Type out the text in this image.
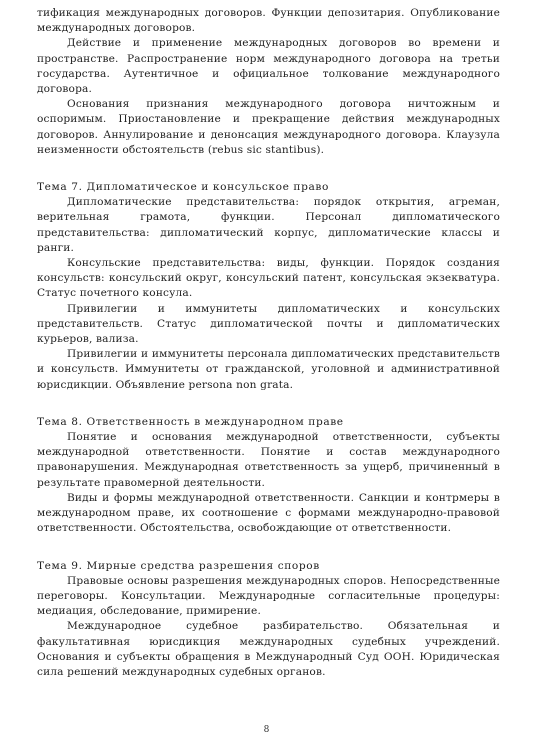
тификация международных договоров. Функции депозитария. Опубликование международных договоров.

Действие и применение международных договоров во времени и пространстве. Распространение норм международного договора на третьи государства. Аутентичное и официальное толкование международного договора.

Основания признания международного договора ничтожным и оспоримым. Приостановление и прекращение действия международных договоров. Аннулирование и денонсация международного договора. Клаузула неизменности обстоятельств (rebus sic stantibus).

Тема 7. Дипломатическое и консульское право

Дипломатические представительства: порядок открытия, агреман, верительная грамота, функции. Персонал дипломатического представительства: дипломатический корпус, дипломатические классы и ранги.

Консульские представительства: виды, функции. Порядок создания консульств: консульский округ, консульский патент, консульская экзекватура. Статус почетного консула.

Привилегии и иммунитеты дипломатических и консульских представительств. Статус дипломатической почты и дипломатических курьеров, вализа.

Привилегии и иммунитеты персонала дипломатических представительств и консульств. Иммунитеты от гражданской, уголовной и административной юрисдикции. Объявление persona non grata.

Тема 8. Ответственность в международном праве

Понятие и основания международной ответственности, субъекты международной ответственности. Понятие и состав международного правонарушения. Международная ответственность за ущерб, причиненный в результате правомерной деятельности.

Виды и формы международной ответственности. Санкции и контрмеры в международном праве, их соотношение с формами международно-правовой ответственности. Обстоятельства, освобождающие от ответственности.

Тема 9. Мирные средства разрешения споров

Правовые основы разрешения международных споров. Непосредственные переговоры. Консультации. Международные согласительные процедуры: медиация, обследование, примирение.

Международное судебное разбирательство. Обязательная и факультативная юрисдикция международных судебных учреждений. Основания и субъекты обращения в Международный Суд ООН. Юридическая сила решений международных судебных органов.

8
